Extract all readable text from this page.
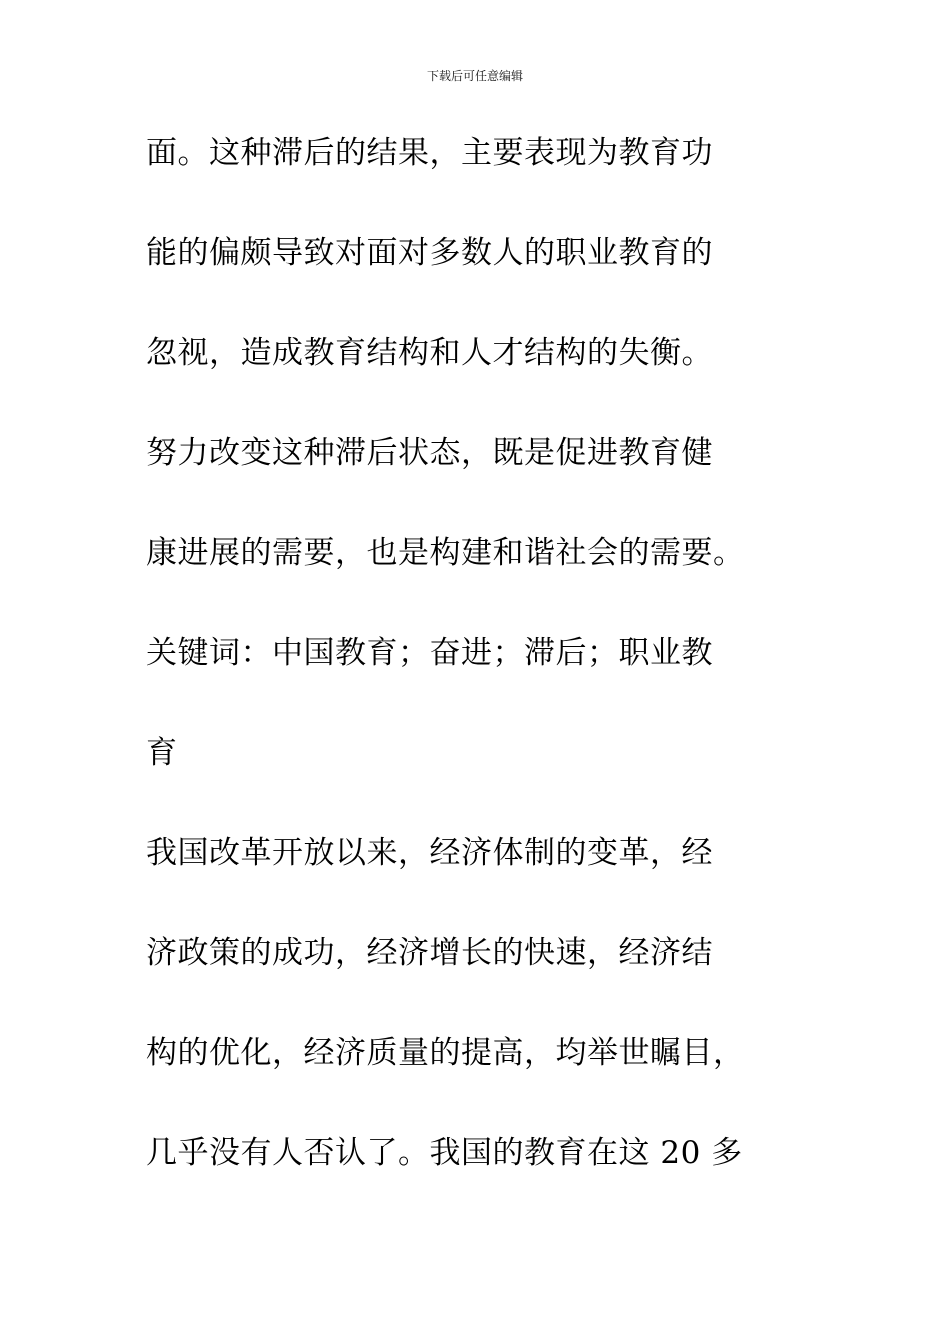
下载后可任意编辑
面。这种滞后的结果，主要表现为教育功
能的偏颇导致对面对多数人的职业教育的
忽视，造成教育结构和人才结构的失衡。
努力改变这种滞后状态，既是促进教育健
康进展的需要，也是构建和谐社会的需要。
关键词：中国教育；奋进；滞后；职业教
育
我国改革开放以来，经济体制的变革，经
济政策的成功，经济增长的快速，经济结
构的优化，经济质量的提高，均举世瞩目，
几乎没有人否认了。我国的教育在这 20 多
